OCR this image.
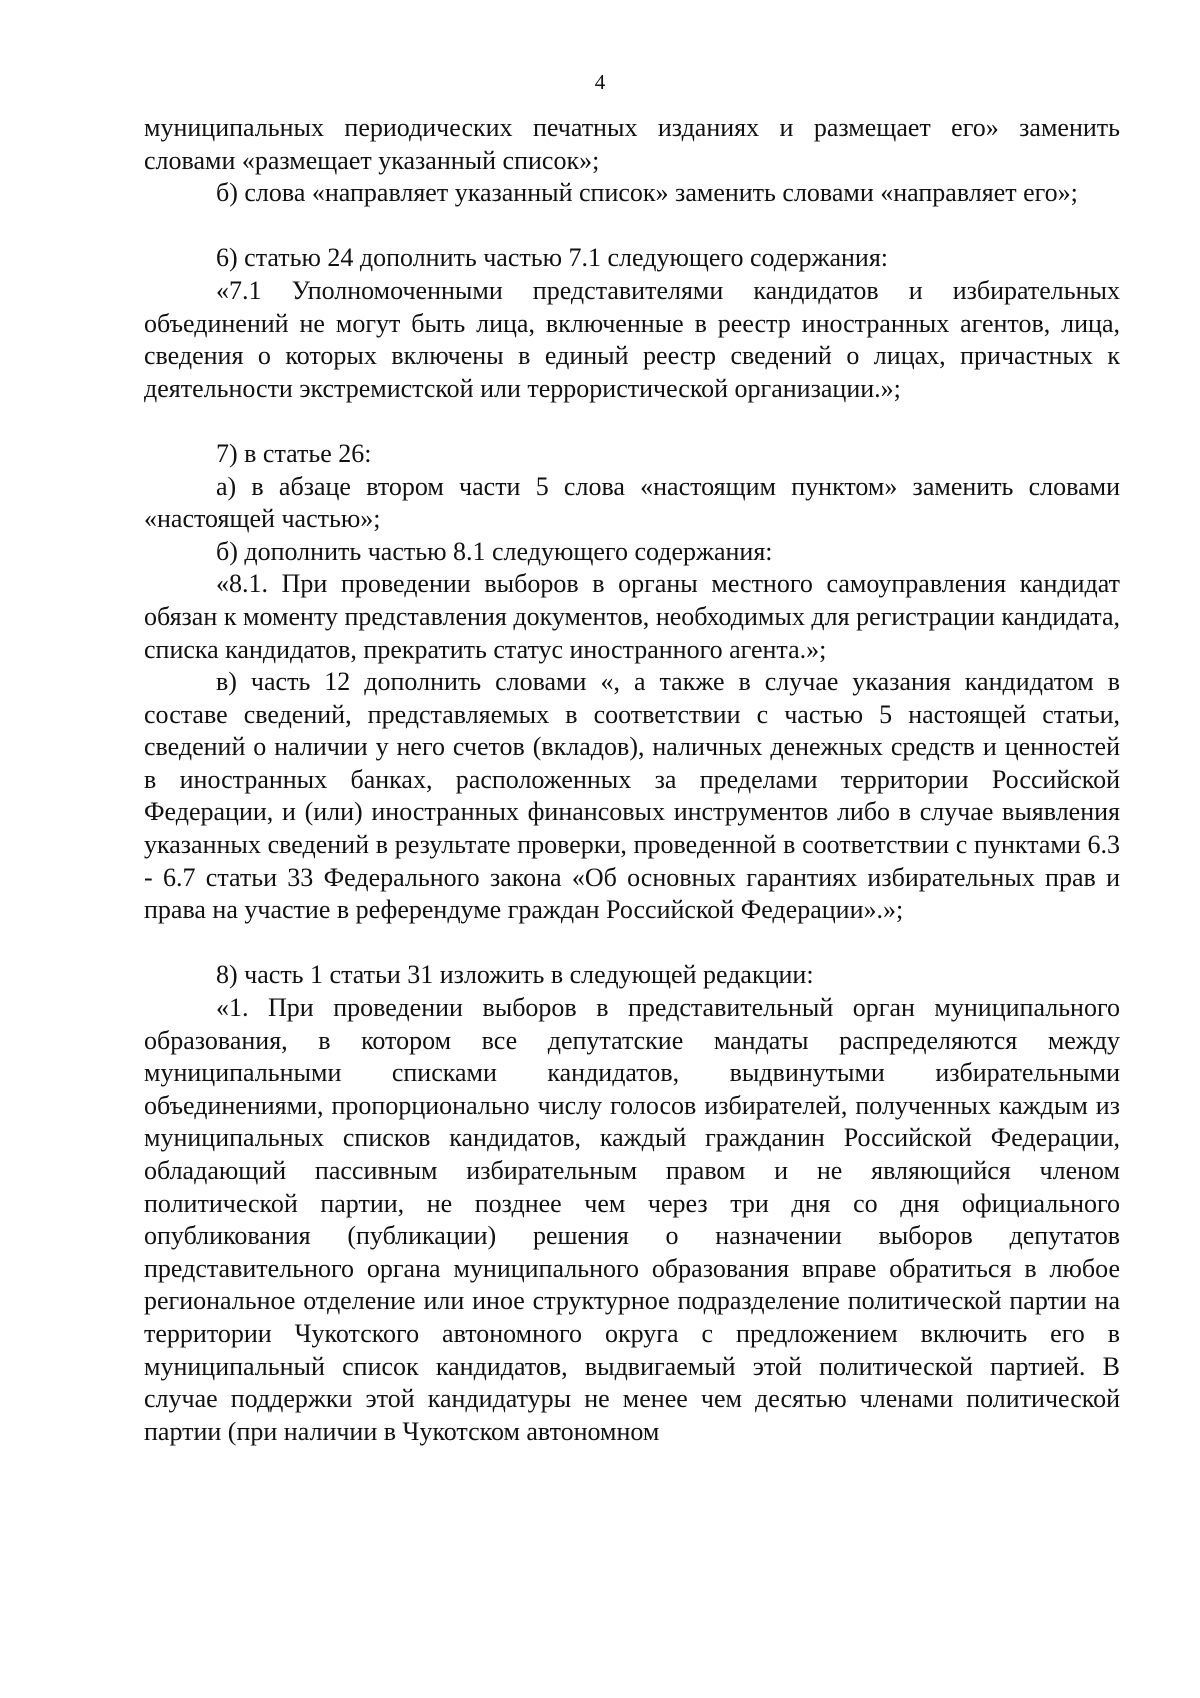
4

муниципальных периодических печатных изданиях и размещает его» заменить словами «размещает указанный список»;

б) слова «направляет указанный список» заменить словами «направляет его»;

6) статью 24 дополнить частью 7.1 следующего содержания:

«7.1 Уполномоченными представителями кандидатов и избирательных объединений не могут быть лица, включенные в реестр иностранных агентов, лица, сведения о которых включены в единый реестр сведений о лицах, причастных к деятельности экстремистской или террористической организации.»;

7) в статье 26:

а) в абзаце втором части 5 слова «настоящим пунктом» заменить словами «настоящей частью»;

б) дополнить частью 8.1 следующего содержания:

«8.1. При проведении выборов в органы местного самоуправления кандидат обязан к моменту представления документов, необходимых для регистрации кандидата, списка кандидатов, прекратить статус иностранного агента.»;

в) часть 12 дополнить словами «, а также в случае указания кандидатом в составе сведений, представляемых в соответствии с частью 5 настоящей статьи, сведений о наличии у него счетов (вкладов), наличных денежных средств и ценностей в иностранных банках, расположенных за пределами территории Российской Федерации, и (или) иностранных финансовых инструментов либо в случае выявления указанных сведений в результате проверки, проведенной в соответствии с пунктами 6.3 - 6.7 статьи 33 Федерального закона «Об основных гарантиях избирательных прав и права на участие в референдуме граждан Российской Федерации».»;

8) часть 1 статьи 31 изложить в следующей редакции:

«1. При проведении выборов в представительный орган муниципального образования, в котором все депутатские мандаты распределяются между муниципальными списками кандидатов, выдвинутыми избирательными объединениями, пропорционально числу голосов избирателей, полученных каждым из муниципальных списков кандидатов, каждый гражданин Российской Федерации, обладающий пассивным избирательным правом и не являющийся членом политической партии, не позднее чем через три дня со дня официального опубликования (публикации) решения о назначении выборов депутатов представительного органа муниципального образования вправе обратиться в любое региональное отделение или иное структурное подразделение политической партии на территории Чукотского автономного округа с предложением включить его в муниципальный список кандидатов, выдвигаемый этой политической партией. В случае поддержки этой кандидатуры не менее чем десятью членами политической партии (при наличии в Чукотском автономном
